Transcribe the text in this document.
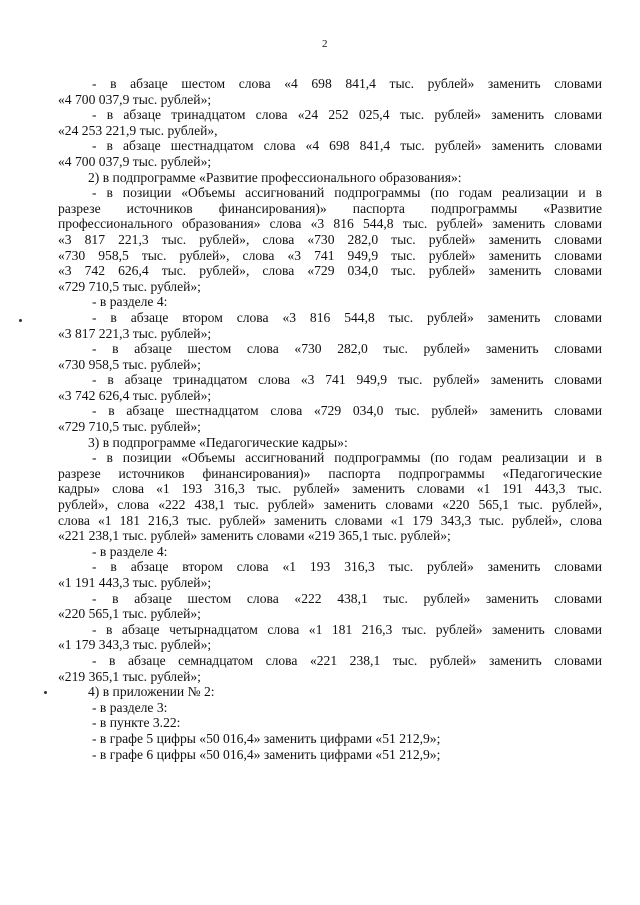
2
- в абзаце шестом слова «4 698 841,4 тыс. рублей» заменить словами
«4 700 037,9 тыс. рублей»;
- в абзаце тринадцатом слова «24 252 025,4 тыс. рублей» заменить словами
«24 253 221,9 тыс. рублей»,
- в абзаце шестнадцатом слова «4 698 841,4 тыс. рублей» заменить словами
«4 700 037,9 тыс. рублей»;
2) в подпрограмме «Развитие профессионального образования»:
- в позиции «Объемы ассигнований подпрограммы (по годам реализации и в
разрезе источников финансирования)» паспорта подпрограммы «Развитие
профессионального образования» слова «3 816 544,8 тыс. рублей» заменить словами
«3 817 221,3 тыс. рублей», слова «730 282,0 тыс. рублей» заменить словами
«730 958,5 тыс. рублей», слова «3 741 949,9 тыс. рублей» заменить словами
«3 742 626,4 тыс. рублей», слова «729 034,0 тыс. рублей» заменить словами
«729 710,5 тыс. рублей»;
- в разделе 4:
- в абзаце втором слова «3 816 544,8 тыс. рублей» заменить словами
«3 817 221,3 тыс. рублей»;
- в абзаце шестом слова «730 282,0 тыс. рублей» заменить словами
«730 958,5 тыс. рублей»;
- в абзаце тринадцатом слова «3 741 949,9 тыс. рублей» заменить словами
«3 742 626,4 тыс. рублей»;
- в абзаце шестнадцатом слова «729 034,0 тыс. рублей» заменить словами
«729 710,5 тыс. рублей»;
3) в подпрограмме «Педагогические кадры»:
- в позиции «Объемы ассигнований подпрограммы (по годам реализации и в
разрезе источников финансирования)» паспорта подпрограммы «Педагогические
кадры» слова «1 193 316,3 тыс. рублей» заменить словами «1 191 443,3 тыс.
рублей», слова «222 438,1 тыс. рублей» заменить словами «220 565,1 тыс. рублей»,
слова «1 181 216,3 тыс. рублей» заменить словами «1 179 343,3 тыс. рублей», слова
«221 238,1 тыс. рублей» заменить словами «219 365,1 тыс. рублей»;
- в разделе 4:
- в абзаце втором слова «1 193 316,3 тыс. рублей» заменить словами
«1 191 443,3 тыс. рублей»;
- в абзаце шестом слова «222 438,1 тыс. рублей» заменить словами
«220 565,1 тыс. рублей»;
- в абзаце четырнадцатом слова «1 181 216,3 тыс. рублей» заменить словами
«1 179 343,3 тыс. рублей»;
- в абзаце семнадцатом слова «221 238,1 тыс. рублей» заменить словами
«219 365,1 тыс. рублей»;
4) в приложении № 2:
- в разделе 3:
- в пункте 3.22:
- в графе 5 цифры «50 016,4» заменить цифрами «51 212,9»;
- в графе 6 цифры «50 016,4» заменить цифрами «51 212,9»;
